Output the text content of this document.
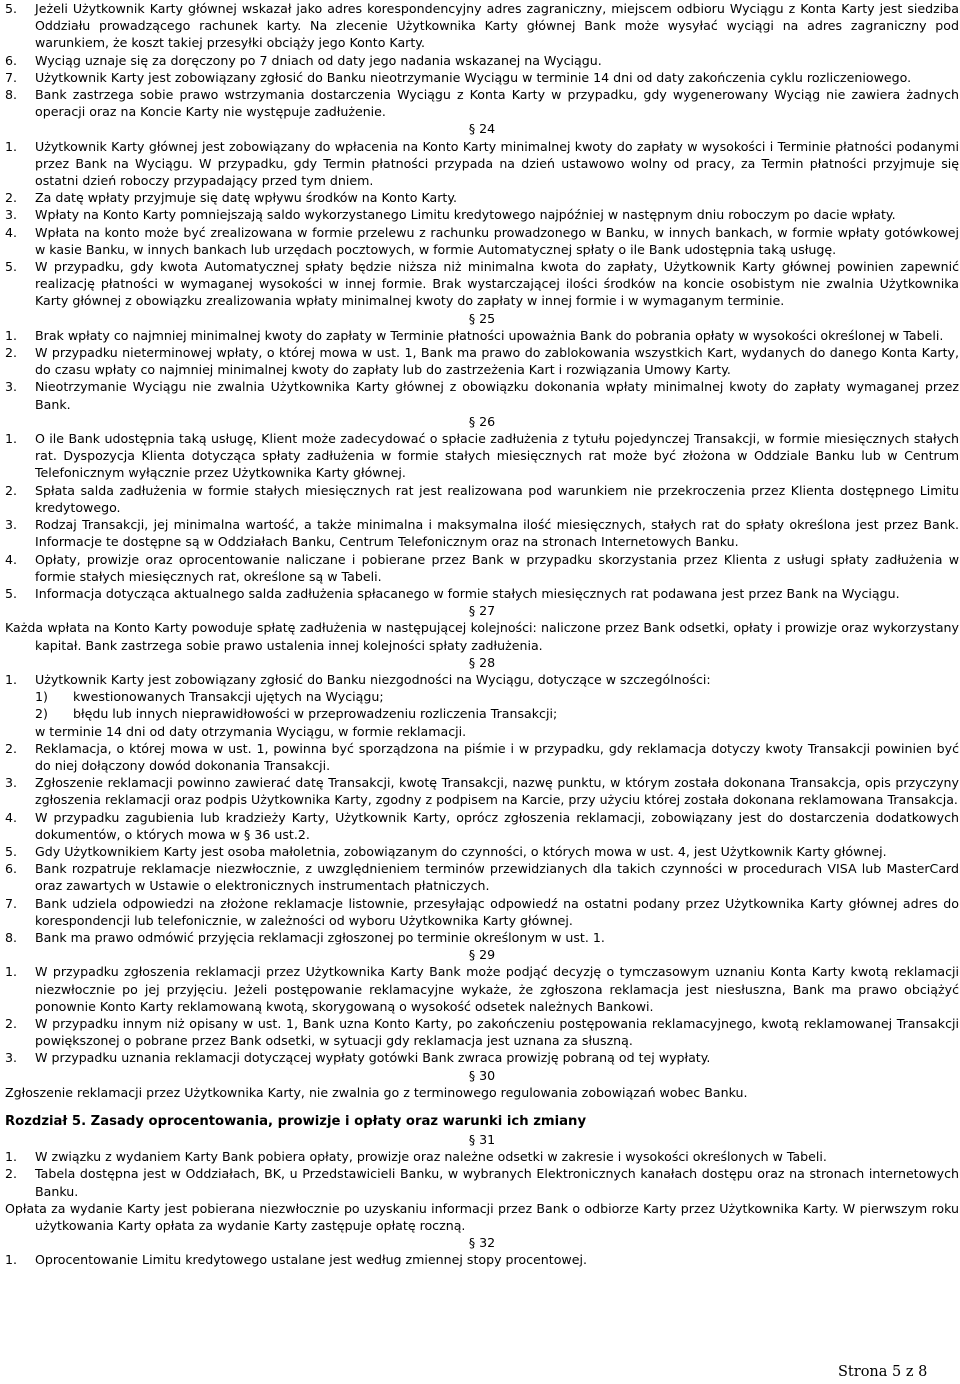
5.	Jeżeli Użytkownik Karty głównej wskazał jako adres korespondencyjny adres zagraniczny, miejscem odbioru Wyciągu z Konta Karty jest siedziba Oddziału prowadzącego rachunek karty. Na zlecenie Użytkownika Karty głównej Bank może wysyłać wyciągi na adres zagraniczny pod warunkiem, że koszt takiej przesyłki obciąży jego Konto Karty.
6.	Wyciąg uznaje się za doręczony po 7 dniach od daty jego nadania wskazanej na Wyciągu.
7.	Użytkownik Karty jest zobowiązany zgłosić do Banku nieotrzymanie Wyciągu w terminie 14 dni od daty zakończenia cyklu rozliczeniowego.
8.	Bank zastrzega sobie prawo wstrzymania dostarczenia Wyciągu z Konta Karty w przypadku, gdy wygenerowany Wyciąg nie zawiera żadnych operacji oraz na Koncie Karty nie występuje zadłużenie.
§ 24
1.	Użytkownik Karty głównej jest zobowiązany do wpłacenia na Konto Karty minimalnej kwoty do zapłaty w wysokości i Terminie płatności podanymi przez Bank na Wyciągu. W przypadku, gdy Termin płatności przypada na dzień ustawowo wolny od pracy, za Termin płatności przyjmuje się ostatni dzień roboczy przypadający przed tym dniem.
2.	Za datę wpłaty przyjmuje się datę wpływu środków na Konto Karty.
3.	Wpłaty na Konto Karty pomniejszają saldo wykorzystanego Limitu kredytowego najpóźniej w następnym dniu roboczym po dacie wpłaty.
4.	Wpłata na konto może być zrealizowana w formie przelewu z rachunku prowadzonego w Banku, w innych bankach, w formie wpłaty gotówkowej w kasie Banku, w innych bankach lub urzędach pocztowych, w formie Automatycznej spłaty o ile Bank udostępnia taką usługę.
5.	W przypadku, gdy kwota Automatycznej spłaty będzie niższa niż minimalna kwota do zapłaty, Użytkownik Karty głównej powinien zapewnić realizację płatności w wymaganej wysokości w innej formie. Brak wystarczającej ilości środków na koncie osobistym nie zwalnia Użytkownika Karty głównej z obowiązku zrealizowania wpłaty minimalnej kwoty do zapłaty w innej formie i w wymaganym terminie.
§ 25
1.	Brak wpłaty co najmniej minimalnej kwoty do zapłaty w Terminie płatności upoważnia Bank do pobrania opłaty w wysokości określonej w Tabeli.
2.	W przypadku nieterminowej wpłaty, o której mowa w ust. 1, Bank ma prawo do zablokowania wszystkich Kart, wydanych do danego Konta Karty, do czasu wpłaty co najmniej minimalnej kwoty do zapłaty lub do zastrzeżenia Kart i rozwiązania Umowy Karty.
3.	Nieotrzymanie Wyciągu nie zwalnia Użytkownika Karty głównej z obowiązku dokonania wpłaty minimalnej kwoty do zapłaty wymaganej przez Bank.
§ 26
1.	O ile Bank udostępnia taką usługę, Klient może zadecydować o spłacie zadłużenia z tytułu pojedynczej Transakcji, w formie miesięcznych stałych rat. Dyspozycja Klienta dotycząca spłaty zadłużenia w formie stałych miesięcznych rat może być złożona w Oddziale Banku lub w Centrum Telefonicznym wyłącznie przez Użytkownika Karty głównej.
2.	Spłata salda zadłużenia w formie stałych miesięcznych rat jest realizowana pod warunkiem nie przekroczenia przez Klienta dostępnego Limitu kredytowego.
3.	Rodzaj Transakcji, jej minimalna wartość, a także minimalna i maksymalna ilość miesięcznych, stałych rat do spłaty określona jest przez Bank. Informacje te dostępne są w Oddziałach Banku, Centrum Telefonicznym oraz na stronach Internetowych Banku.
4.	Opłaty, prowizje oraz oprocentowanie naliczane i pobierane przez Bank w przypadku skorzystania przez Klienta z usługi spłaty zadłużenia w formie stałych miesięcznych rat, określone są w Tabeli.
5.	Informacja dotycząca aktualnego salda zadłużenia spłacanego w formie stałych miesięcznych rat podawana jest przez Bank na Wyciągu.
§ 27
Każda wpłata na Konto Karty powoduje spłatę zadłużenia w następującej kolejności: naliczone przez Bank odsetki, opłaty i prowizje oraz wykorzystany kapitał. Bank zastrzega sobie prawo ustalenia innej kolejności spłaty zadłużenia.
§ 28
1.	Użytkownik Karty jest zobowiązany zgłosić do Banku niezgodności na Wyciągu, dotyczące w szczególności:
1)	kwestionowanych Transakcji ujętych na Wyciągu;
2)	błędu lub innych nieprawidłowości w przeprowadzeniu rozliczenia Transakcji;
w terminie 14 dni od daty otrzymania Wyciągu, w formie reklamacji.
2.	Reklamacja, o której mowa w ust. 1, powinna być sporządzona na piśmie i w przypadku, gdy reklamacja dotyczy kwoty Transakcji powinien być do niej dołączony dowód dokonania Transakcji.
3.	Zgłoszenie reklamacji powinno zawierać datę Transakcji, kwotę Transakcji, nazwę punktu, w którym została dokonana Transakcja, opis przyczyny zgłoszenia reklamacji oraz podpis Użytkownika Karty, zgodny z podpisem na Karcie, przy użyciu której została dokonana reklamowana Transakcja.
4.	W przypadku zagubienia lub kradzieży Karty, Użytkownik Karty, oprócz zgłoszenia reklamacji, zobowiązany jest do dostarczenia dodatkowych dokumentów, o których mowa w § 36 ust.2.
5.	Gdy Użytkownikiem Karty jest osoba małoletnia, zobowiązanym do czynności, o których mowa w ust. 4, jest Użytkownik Karty głównej.
6.	Bank rozpatruje reklamacje niezwłocznie, z uwzględnieniem terminów przewidzianych dla takich czynności w procedurach VISA lub MasterCard oraz zawartych w Ustawie o elektronicznych instrumentach płatniczych.
7.	Bank udziela odpowiedzi na złożone reklamacje listownie, przesyłając odpowiedź na ostatni podany przez Użytkownika Karty głównej adres do korespondencji lub telefonicznie, w zależności od wyboru Użytkownika Karty głównej.
8.	Bank ma prawo odmówić przyjęcia reklamacji zgłoszonej po terminie określonym w ust. 1.
§ 29
1.	W przypadku zgłoszenia reklamacji przez Użytkownika Karty Bank może podjąć decyzję o tymczasowym uznaniu Konta Karty kwotą reklamacji niezwłocznie po jej przyjęciu. Jeżeli postępowanie reklamacyjne wykaże, że zgłoszona reklamacja jest niesłuszna, Bank ma prawo obciążyć ponownie Konto Karty reklamowaną kwotą, skorygowaną o wysokość odsetek należnych Bankowi.
2.	W przypadku innym niż opisany w ust. 1, Bank uzna Konto Karty, po zakończeniu postępowania reklamacyjnego, kwotą reklamowanej Transakcji powiększonej o pobrane przez Bank odsetki, w sytuacji gdy reklamacja jest uznana za słuszną.
3.	W przypadku uznania reklamacji dotyczącej wypłaty gotówki Bank zwraca prowizję pobraną od tej wypłaty.
§ 30
Zgłoszenie reklamacji przez Użytkownika Karty, nie zwalnia go z terminowego regulowania zobowiązań wobec Banku.
Rozdział 5. Zasady oprocentowania, prowizje i opłaty oraz warunki ich zmiany
§ 31
1.	W związku z wydaniem Karty Bank pobiera opłaty, prowizje oraz należne odsetki w zakresie i wysokości określonych w Tabeli.
2.	Tabela dostępna jest w Oddziałach, BK, u Przedstawicieli Banku, w wybranych Elektronicznych kanałach dostępu oraz na stronach internetowych Banku.
Opłata za wydanie Karty jest pobierana niezwłocznie po uzyskaniu informacji przez Bank o odbiorze Karty przez Użytkownika Karty. W pierwszym roku użytkowania Karty opłata za wydanie Karty zastępuje opłatę roczną.
§ 32
1.	Oprocentowanie Limitu kredytowego ustalane jest według zmiennej stopy procentowej.
Strona 5 z 8
